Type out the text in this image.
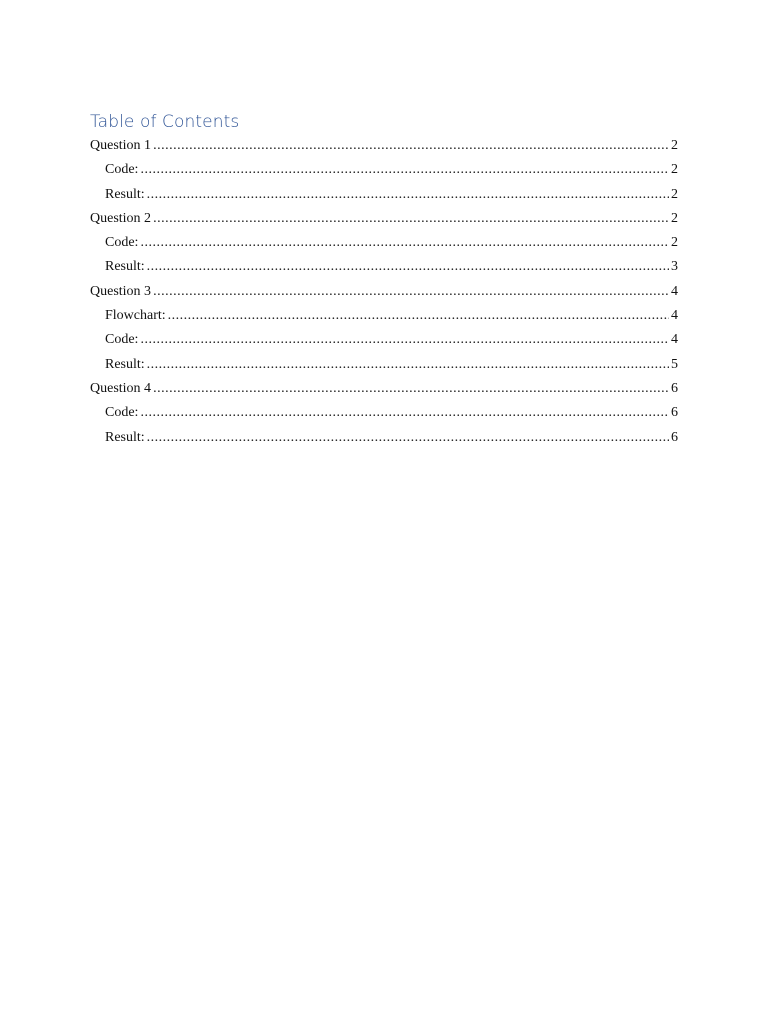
Table of Contents
Question 1 .....	2
Code: .....	2
Result: .....	2
Question 2 .....	2
Code: .....	2
Result: .....	3
Question 3 .....	4
Flowchart: .....	4
Code: .....	4
Result: .....	5
Question 4 .....	6
Code: .....	6
Result: .....	6
